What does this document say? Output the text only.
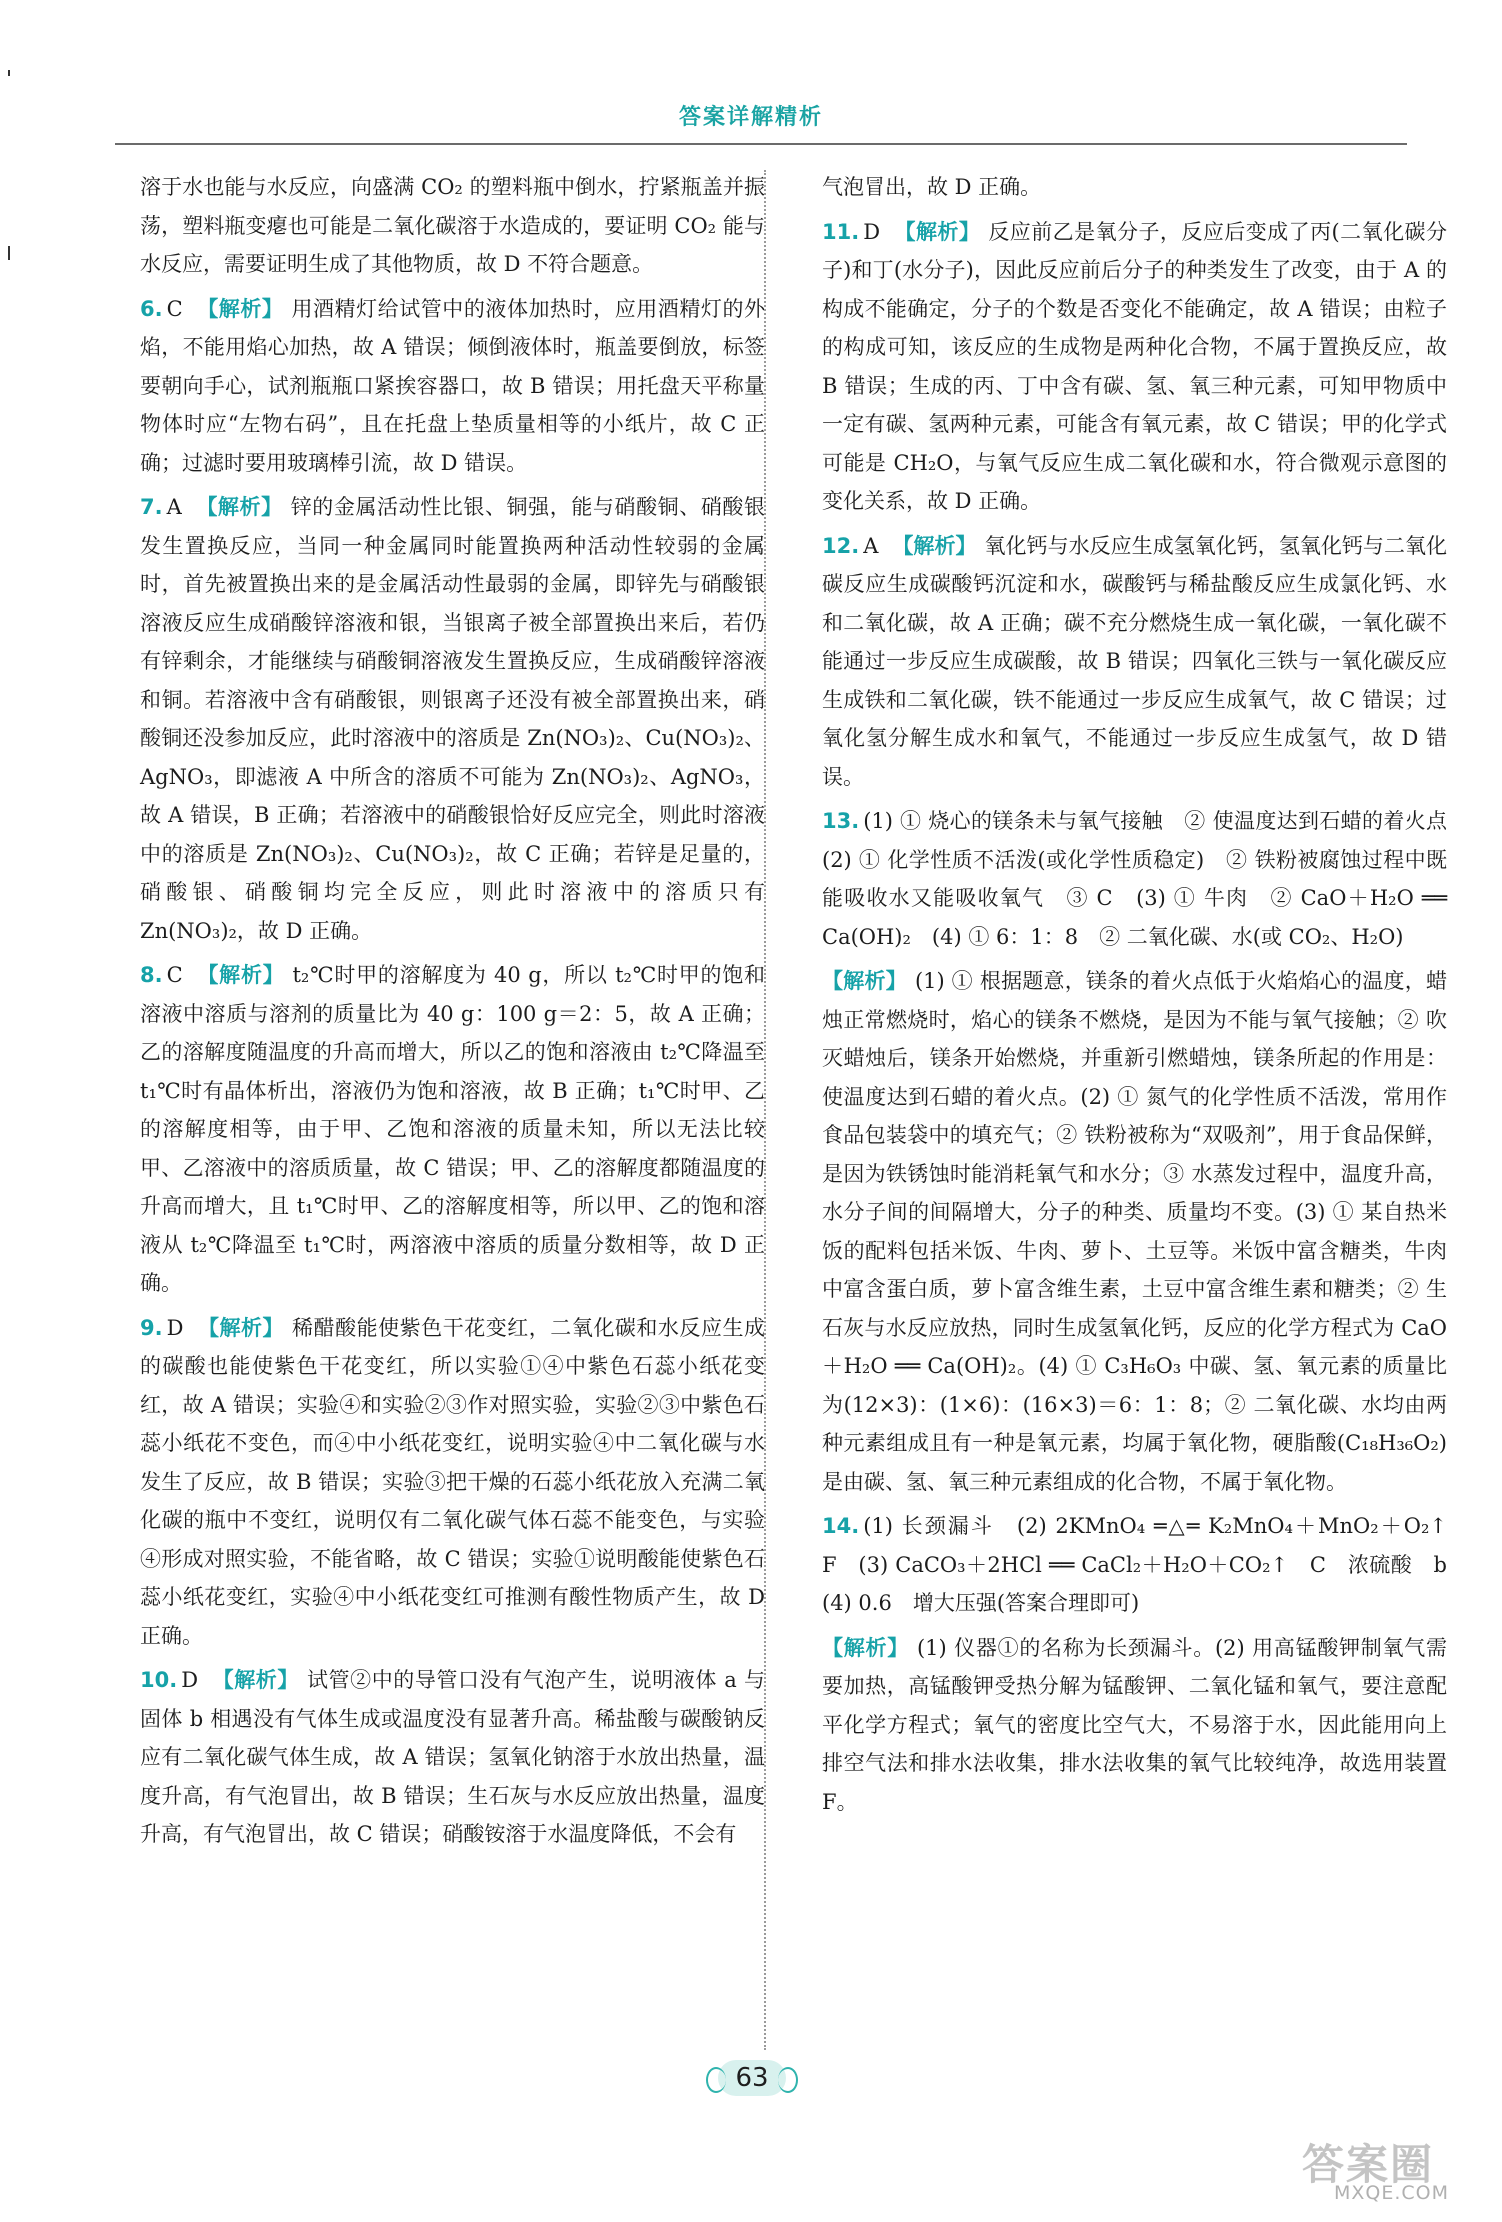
答案详解精析

溶于水也能与水反应，向盛满 CO₂ 的塑料瓶中倒水，拧紧瓶盖并振荡，塑料瓶变瘪也可能是二氧化碳溶于水造成的，要证明 CO₂ 能与水反应，需要证明生成了其他物质，故 D 不符合题意。

6. C 【解析】 用酒精灯给试管中的液体加热时，应用酒精灯的外焰，不能用焰心加热，故 A 错误；倾倒液体时，瓶盖要倒放，标签要朝向手心，试剂瓶瓶口紧挨容器口，故 B 错误；用托盘天平称量物体时应“左物右码”，且在托盘上垫质量相等的小纸片，故 C 正确；过滤时要用玻璃棒引流，故 D 错误。

7. A 【解析】 锌的金属活动性比银、铜强，能与硝酸铜、硝酸银发生置换反应，当同一种金属同时能置换两种活动性较弱的金属时，首先被置换出来的是金属活动性最弱的金属，即锌先与硝酸银溶液反应生成硝酸锌溶液和银，当银离子被全部置换出来后，若仍有锌剩余，才能继续与硝酸铜溶液发生置换反应，生成硝酸锌溶液和铜。若溶液中含有硝酸银，则银离子还没有被全部置换出来，硝酸铜还没参加反应，此时溶液中的溶质是 Zn(NO₃)₂、Cu(NO₃)₂、AgNO₃，即滤液 A 中所含的溶质不可能为 Zn(NO₃)₂、AgNO₃，故 A 错误，B 正确；若溶液中的硝酸银恰好反应完全，则此时溶液中的溶质是 Zn(NO₃)₂、Cu(NO₃)₂，故 C 正确；若锌是足量的，硝酸银、硝酸铜均完全反应，则此时溶液中的溶质只有 Zn(NO₃)₂，故 D 正确。

8. C 【解析】 t₂℃时甲的溶解度为 40 g，所以 t₂℃时甲的饱和溶液中溶质与溶剂的质量比为 40 g：100 g＝2：5，故 A 正确；乙的溶解度随温度的升高而增大，所以乙的饱和溶液由 t₂℃降温至 t₁℃时有晶体析出，溶液仍为饱和溶液，故 B 正确；t₁℃时甲、乙的溶解度相等，由于甲、乙饱和溶液的质量未知，所以无法比较甲、乙溶液中的溶质质量，故 C 错误；甲、乙的溶解度都随温度的升高而增大，且 t₁℃时甲、乙的溶解度相等，所以甲、乙的饱和溶液从 t₂℃降温至 t₁℃时，两溶液中溶质的质量分数相等，故 D 正确。

9. D 【解析】 稀醋酸能使紫色干花变红，二氧化碳和水反应生成的碳酸也能使紫色干花变红，所以实验①④中紫色石蕊小纸花变红，故 A 错误；实验④和实验②③作对照实验，实验②③中紫色石蕊小纸花不变色，而④中小纸花变红，说明实验④中二氧化碳与水发生了反应，故 B 错误；实验③把干燥的石蕊小纸花放入充满二氧化碳的瓶中不变红，说明仅有二氧化碳气体石蕊不能变色，与实验④形成对照实验，不能省略，故 C 错误；实验①说明酸能使紫色石蕊小纸花变红，实验④中小纸花变红可推测有酸性物质产生，故 D 正确。

10. D 【解析】 试管②中的导管口没有气泡产生，说明液体 a 与固体 b 相遇没有气体生成或温度没有显著升高。稀盐酸与碳酸钠反应有二氧化碳气体生成，故 A 错误；氢氧化钠溶于水放出热量，温度升高，有气泡冒出，故 B 错误；生石灰与水反应放出热量，温度升高，有气泡冒出，故 C 错误；硝酸铵溶于水温度降低，不会有

气泡冒出，故 D 正确。

11. D 【解析】 反应前乙是氧分子，反应后变成了丙(二氧化碳分子)和丁(水分子)，因此反应前后分子的种类发生了改变，由于 A 的构成不能确定，分子的个数是否变化不能确定，故 A 错误；由粒子的构成可知，该反应的生成物是两种化合物，不属于置换反应，故 B 错误；生成的丙、丁中含有碳、氢、氧三种元素，可知甲物质中一定有碳、氢两种元素，可能含有氧元素，故 C 错误；甲的化学式可能是 CH₂O，与氧气反应生成二氧化碳和水，符合微观示意图的变化关系，故 D 正确。

12. A 【解析】 氧化钙与水反应生成氢氧化钙，氢氧化钙与二氧化碳反应生成碳酸钙沉淀和水，碳酸钙与稀盐酸反应生成氯化钙、水和二氧化碳，故 A 正确；碳不充分燃烧生成一氧化碳，一氧化碳不能通过一步反应生成碳酸，故 B 错误；四氧化三铁与一氧化碳反应生成铁和二氧化碳，铁不能通过一步反应生成氧气，故 C 错误；过氧化氢分解生成水和氧气，不能通过一步反应生成氢气，故 D 错误。

13. (1) ① 烧心的镁条未与氧气接触　② 使温度达到石蜡的着火点　(2) ① 化学性质不活泼(或化学性质稳定)　② 铁粉被腐蚀过程中既能吸收水又能吸收氧气　③ C　(3) ① 牛肉　② CaO＋H₂O ══ Ca(OH)₂　(4) ① 6：1：8　② 二氧化碳、水(或 CO₂、H₂O)

【解析】 (1) ① 根据题意，镁条的着火点低于火焰焰心的温度，蜡烛正常燃烧时，焰心的镁条不燃烧，是因为不能与氧气接触；② 吹灭蜡烛后，镁条开始燃烧，并重新引燃蜡烛，镁条所起的作用是：使温度达到石蜡的着火点。(2) ① 氮气的化学性质不活泼，常用作食品包装袋中的填充气；② 铁粉被称为“双吸剂”，用于食品保鲜，是因为铁锈蚀时能消耗氧气和水分；③ 水蒸发过程中，温度升高，水分子间的间隔增大，分子的种类、质量均不变。(3) ① 某自热米饭的配料包括米饭、牛肉、萝卜、土豆等。米饭中富含糖类，牛肉中富含蛋白质，萝卜富含维生素，土豆中富含维生素和糖类；② 生石灰与水反应放热，同时生成氢氧化钙，反应的化学方程式为 CaO＋H₂O ══ Ca(OH)₂。(4) ① C₃H₆O₃ 中碳、氢、氧元素的质量比为(12×3)：(1×6)：(16×3)＝6：1：8；② 二氧化碳、水均由两种元素组成且有一种是氧元素，均属于氧化物，硬脂酸(C₁₈H₃₆O₂)是由碳、氢、氧三种元素组成的化合物，不属于氧化物。

14. (1) 长颈漏斗　(2) 2KMnO₄ ═△═ K₂MnO₄＋MnO₂＋O₂↑　F　(3) CaCO₃＋2HCl ══ CaCl₂＋H₂O＋CO₂↑　C　浓硫酸　b　(4) 0.6　增大压强(答案合理即可)

【解析】 (1) 仪器①的名称为长颈漏斗。(2) 用高锰酸钾制氧气需要加热，高锰酸钾受热分解为锰酸钾、二氧化锰和氧气，要注意配平化学方程式；氧气的密度比空气大，不易溶于水，因此能用向上排空气法和排水法收集，排水法收集的氧气比较纯净，故选用装置 F。

63
答案圈
MXQE.COM
